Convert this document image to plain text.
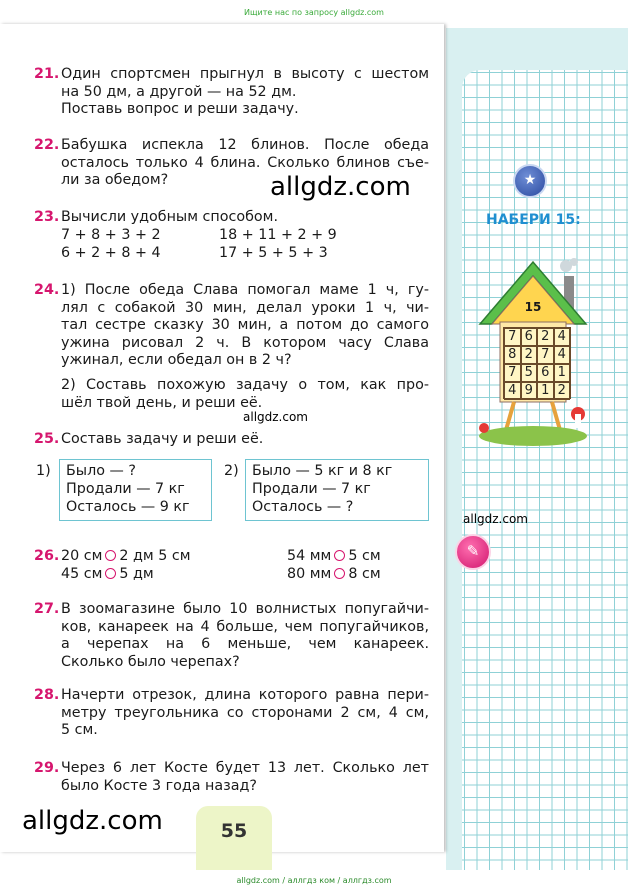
Ищите нас по запросу allgdz.com
21. Один спортсмен прыгнул в высоту с шестом
на 50 дм, а другой — на 52 дм.
Поставь вопрос и реши задачу.
22. Бабушка испекла 12 блинов. После обеда
осталось только 4 блина. Сколько блинов съе-
ли за обедом?	allgdz.com
23. Вычисли удобным способом.
7 + 8 + 3 + 2	18 + 11 + 2 + 9
6 + 2 + 8 + 4	17 + 5 + 5 + 3
24. 1) После обеда Слава помогал маме 1 ч, гу-
лял с собакой 30 мин, делал уроки 1 ч, чи-
тал сестре сказку 30 мин, а потом до самого
ужина рисовал 2 ч. В котором часу Слава
ужинал, если обедал он в 2 ч?
2) Составь похожую задачу о том, как про-
шёл твой день, и реши её.
allgdz.com
25. Составь задачу и реши её.
1) Было — ?
Продали — 7 кг
Осталось — 9 кг
2) Было — 5 кг и 8 кг
Продали — 7 кг
Осталось — ?
26. 20 см 2 дм 5 см
45 см 5 дм
54 мм 5 см
80 мм 8 см
27. В зоомагазине было 10 волнистых попугайчи-
ков, канареек на 4 больше, чем попугайчиков,
а черепах на 6 меньше, чем канареек.
Сколько было черепах?
28. Начерти отрезок, длина которого равна пери-
метру треугольника со сторонами 2 см, 4 см,
5 см.
29. Через 6 лет Косте будет 13 лет. Сколько лет
было Косте 3 года назад?
allgdz.com	55
★
НАБЕРИ 15:
15
7 6 2 4
8 2 7 4
7 5 6 1
4 9 1 2
allgdz.com
✎
allgdz.com / аллгдз ком / аллгдз.com
